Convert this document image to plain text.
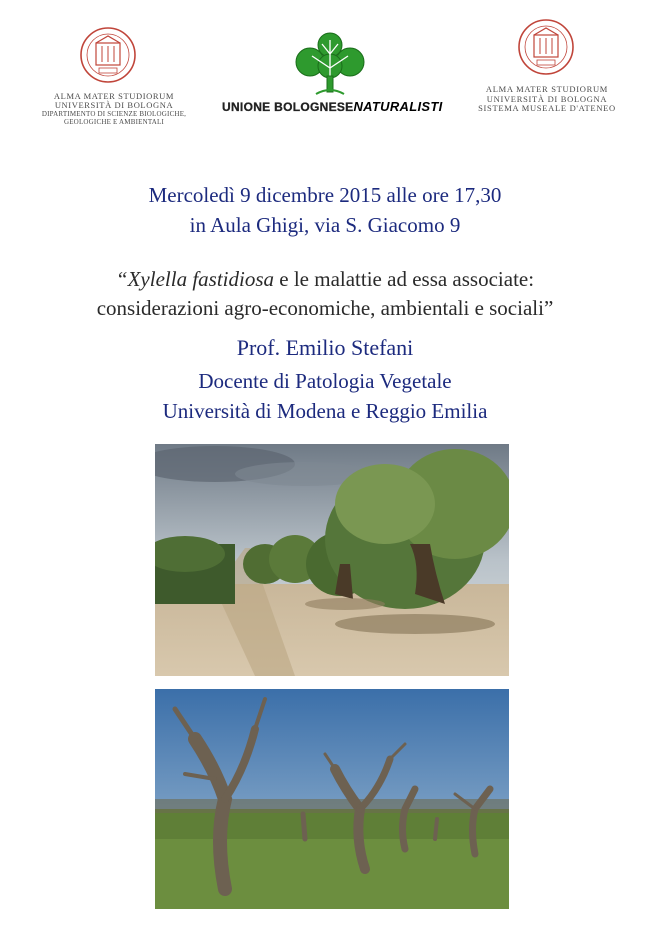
ALMA MATER STUDIORUM
UNIVERSITÀ DI BOLOGNA
DIPARTIMENTO DI SCIENZE BIOLOGICHE,
GEOLOGICHE E AMBIENTALI
UNIONE BOLOGNESENATURALISTI
ALMA MATER STUDIORUM
UNIVERSITÀ DI BOLOGNA
SISTEMA MUSEALE D'ATENEO
Mercoledì 9 dicembre 2015 alle ore 17,30
in Aula Ghigi, via S. Giacomo 9
“Xylella fastidiosa e le malattie ad essa associate:
considerazioni agro-economiche, ambientali e sociali”
Prof. Emilio Stefani
Docente di Patologia Vegetale
Università di Modena e Reggio Emilia
